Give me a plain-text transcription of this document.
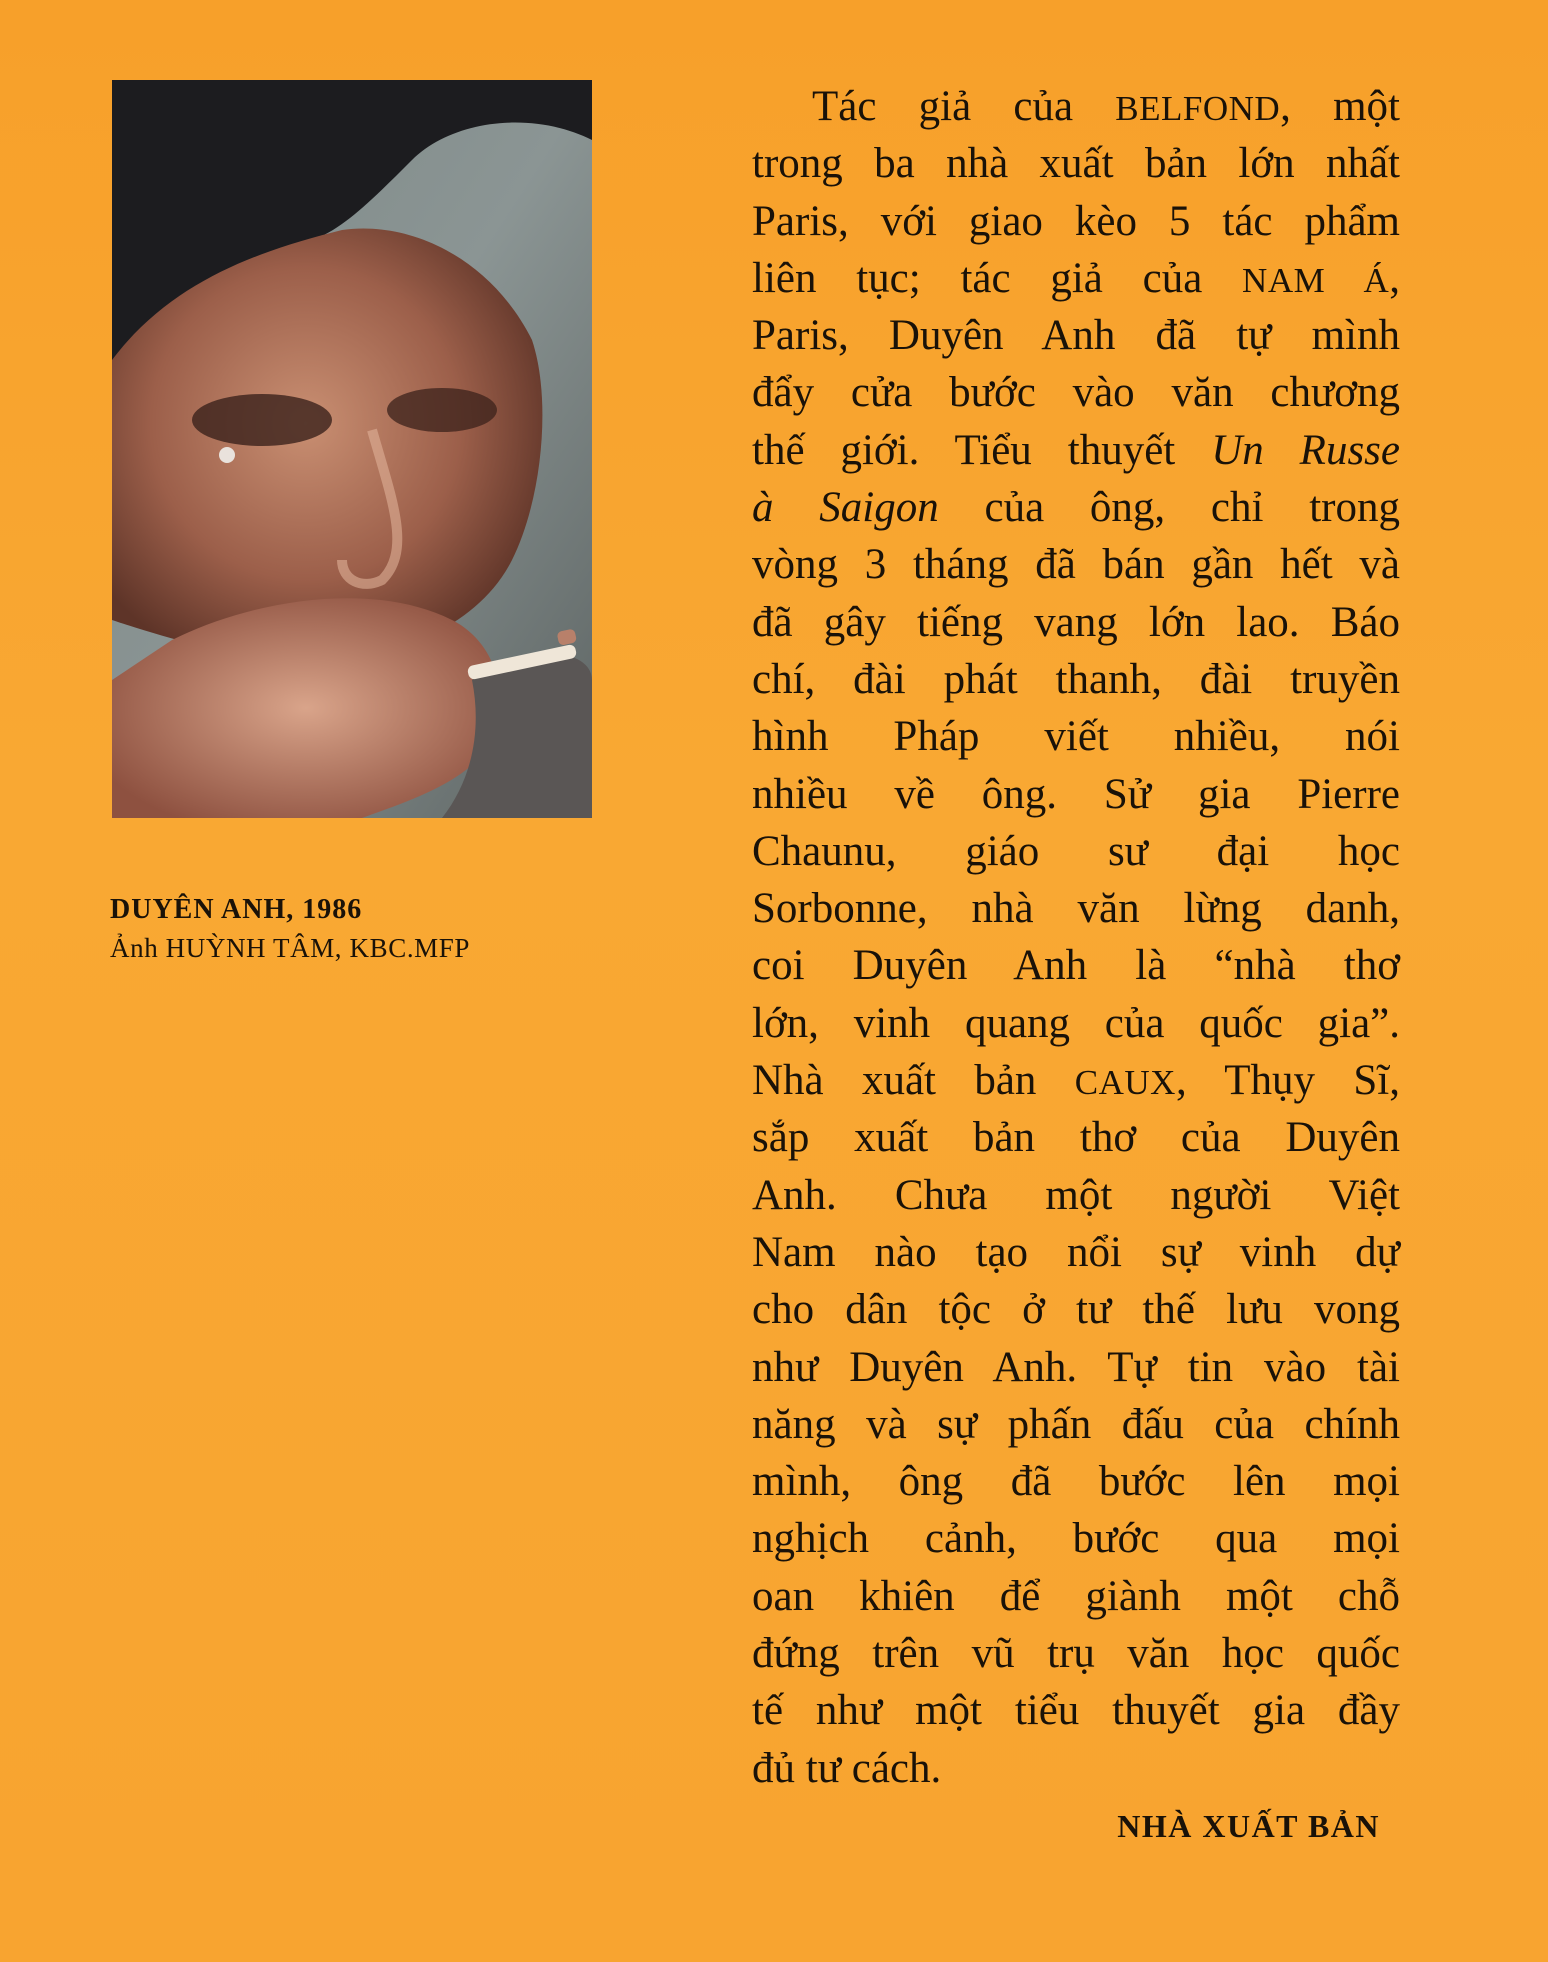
DUYÊN ANH, 1986
Ảnh HUỲNH TÂM, KBC.MFP
Tác giả của BELFOND, một
trong ba nhà xuất bản lớn nhất
Paris, với giao kèo 5 tác phẩm
liên tục; tác giả của NAM Á,
Paris, Duyên Anh đã tự mình
đẩy cửa bước vào văn chương
thế giới. Tiểu thuyết Un Russe
à Saigon của ông, chỉ trong
vòng 3 tháng đã bán gần hết và
đã gây tiếng vang lớn lao. Báo
chí, đài phát thanh, đài truyền
hình Pháp viết nhiều, nói
nhiều về ông. Sử gia Pierre
Chaunu, giáo sư đại học
Sorbonne, nhà văn lừng danh,
coi Duyên Anh là “nhà thơ
lớn, vinh quang của quốc gia”.
Nhà xuất bản CAUX, Thụy Sĩ,
sắp xuất bản thơ của Duyên
Anh. Chưa một người Việt
Nam nào tạo nổi sự vinh dự
cho dân tộc ở tư thế lưu vong
như Duyên Anh. Tự tin vào tài
năng và sự phấn đấu của chính
mình, ông đã bước lên mọi
nghịch cảnh, bước qua mọi
oan khiên để giành một chỗ
đứng trên vũ trụ văn học quốc
tế như một tiểu thuyết gia đầy
đủ tư cách.
NHÀ XUẤT BẢN
